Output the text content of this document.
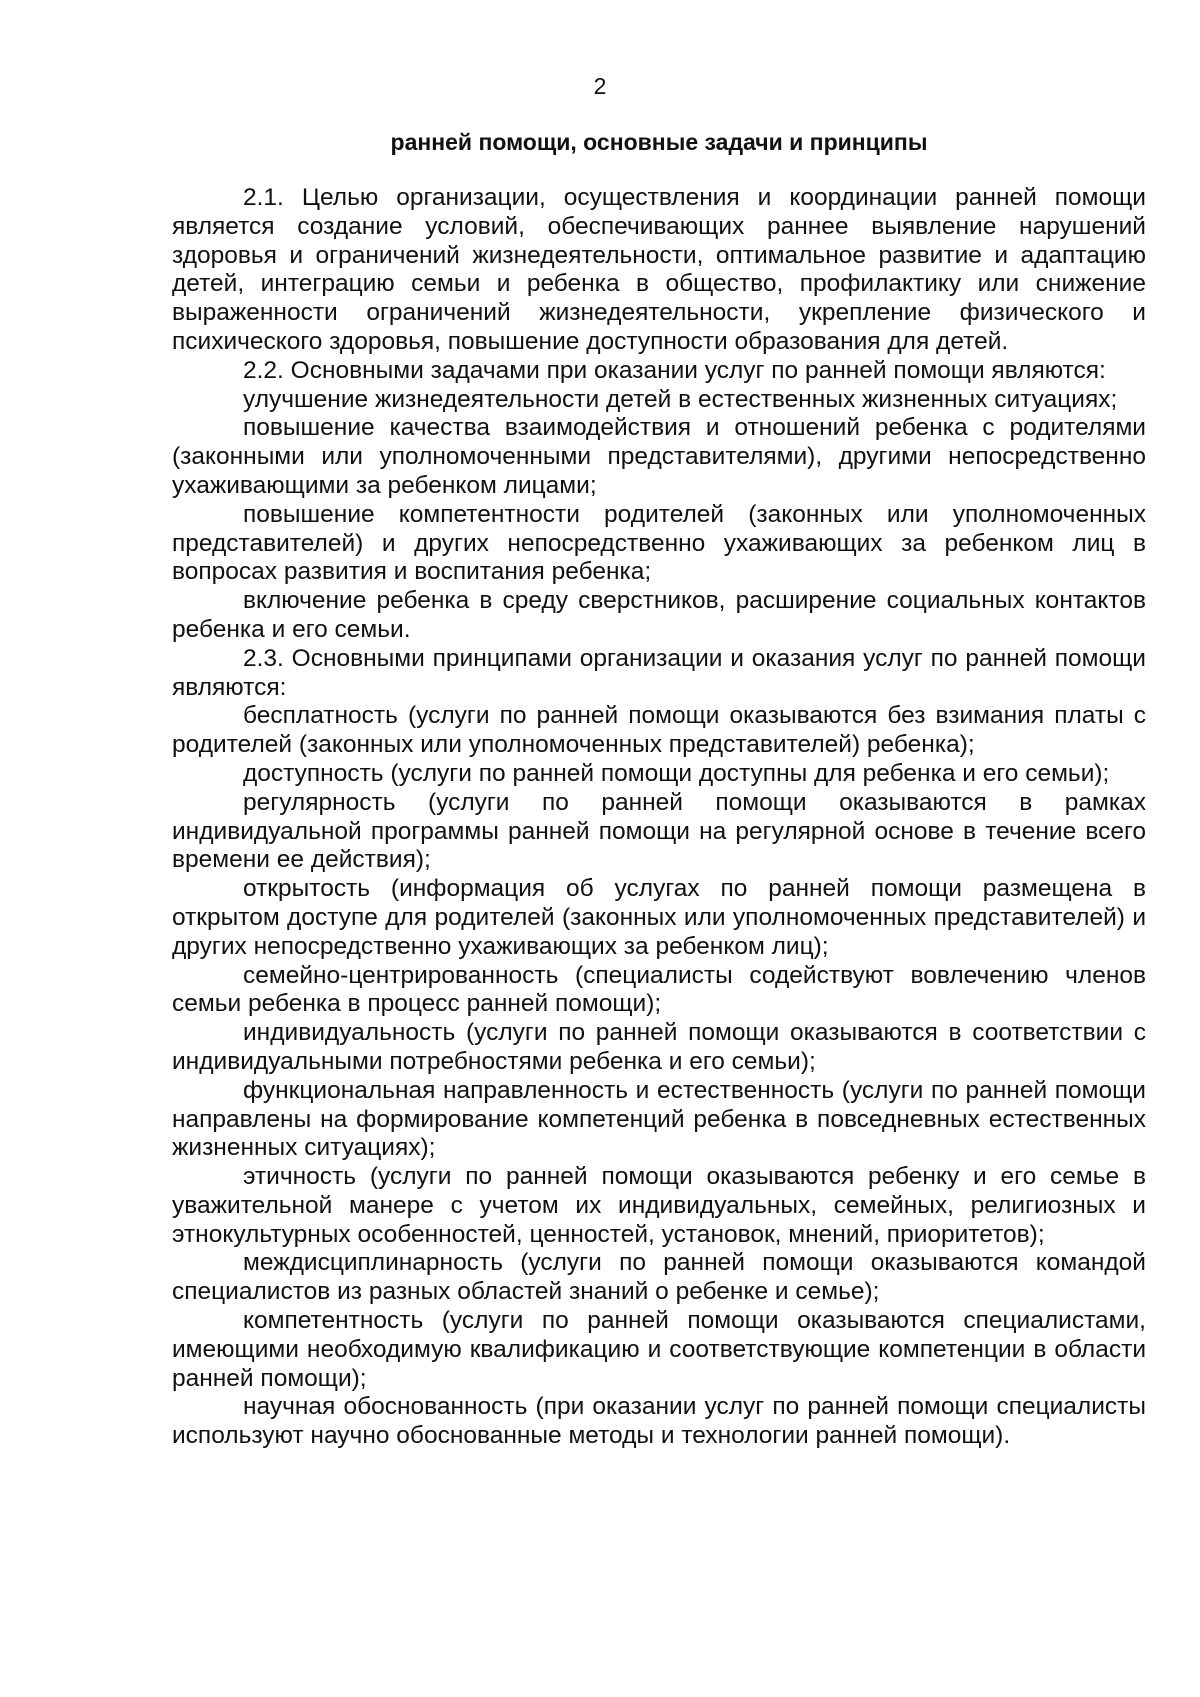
2
ранней помощи, основные задачи и принципы

2.1. Целью организации, осуществления и координации ранней помощи является создание условий, обеспечивающих раннее выявление нарушений здоровья и ограничений жизнедеятельности, оптимальное развитие и адаптацию детей, интеграцию семьи и ребенка в общество, профилактику или снижение выраженности ограничений жизнедеятельности, укрепление физического и психического здоровья, повышение доступности образования для детей.

2.2. Основными задачами при оказании услуг по ранней помощи являются:

улучшение жизнедеятельности детей в естественных жизненных ситуациях;

повышение качества взаимодействия и отношений ребенка с родителями (законными или уполномоченными представителями), другими непосредственно ухаживающими за ребенком лицами;

повышение компетентности родителей (законных или уполномоченных представителей) и других непосредственно ухаживающих за ребенком лиц в вопросах развития и воспитания ребенка;

включение ребенка в среду сверстников, расширение социальных контактов ребенка и его семьи.

2.3. Основными принципами организации и оказания услуг по ранней помощи являются:

бесплатность (услуги по ранней помощи оказываются без взимания платы с родителей (законных или уполномоченных представителей) ребенка);

доступность (услуги по ранней помощи доступны для ребенка и его семьи);

регулярность (услуги по ранней помощи оказываются в рамках индивидуальной программы ранней помощи на регулярной основе в течение всего времени ее действия);

открытость (информация об услугах по ранней помощи размещена в открытом доступе для родителей (законных или уполномоченных представителей) и других непосредственно ухаживающих за ребенком лиц);

семейно-центрированность (специалисты содействуют вовлечению членов семьи ребенка в процесс ранней помощи);

индивидуальность (услуги по ранней помощи оказываются в соответствии с индивидуальными потребностями ребенка и его семьи);

функциональная направленность и естественность (услуги по ранней помощи направлены на формирование компетенций ребенка в повседневных естественных жизненных ситуациях);

этичность (услуги по ранней помощи оказываются ребенку и его семье в уважительной манере с учетом их индивидуальных, семейных, религиозных и этнокультурных особенностей, ценностей, установок, мнений, приоритетов);

междисциплинарность (услуги по ранней помощи оказываются командой специалистов из разных областей знаний о ребенке и семье);

компетентность (услуги по ранней помощи оказываются специалистами, имеющими необходимую квалификацию и соответствующие компетенции в области ранней помощи);

научная обоснованность (при оказании услуг по ранней помощи специалисты используют научно обоснованные методы и технологии ранней помощи).
